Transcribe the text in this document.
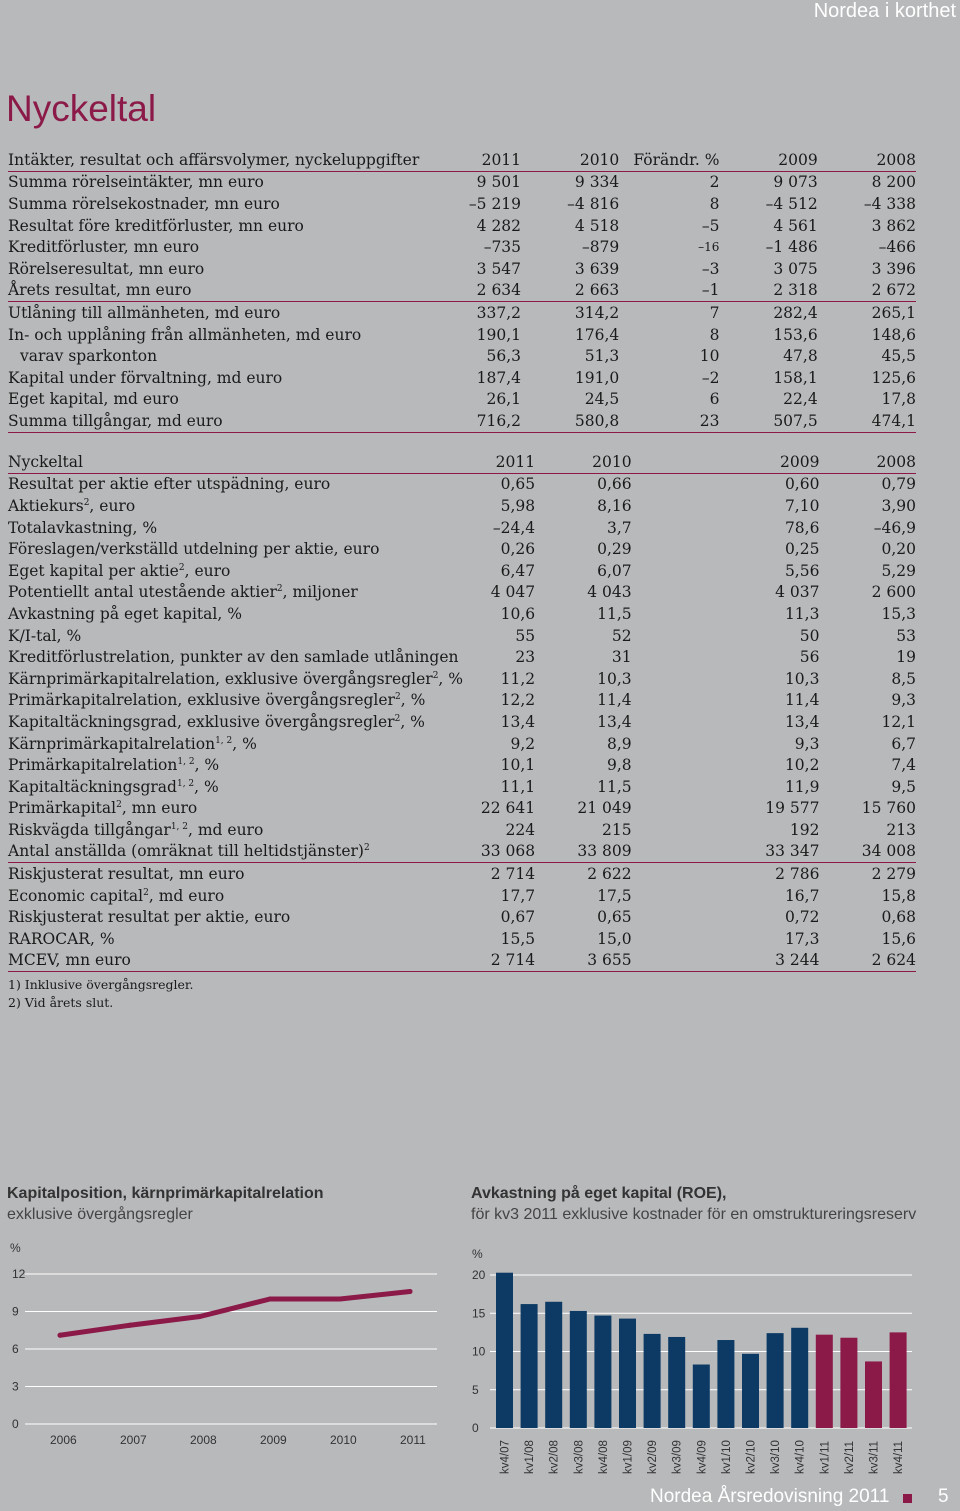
Nordea i korthet
Nyckeltal
Intäkter, resultat och affärsvolymer, nyckeluppgifter	2011	2010	Förändr. %	2009	2008
Summa rörelseintäkter, mn euro	9 501	9 334	2	9 073	8 200
Summa rörelsekostnader, mn euro	–5 219	–4 816	8	–4 512	–4 338
Resultat före kreditförluster, mn euro	4 282	4 518	–5	4 561	3 862
Kreditförluster, mn euro	–735	–879	–16	–1 486	–466
Rörelseresultat, mn euro	3 547	3 639	–3	3 075	3 396
Årets resultat, mn euro	2 634	2 663	–1	2 318	2 672
Utlåning till allmänheten, md euro	337,2	314,2	7	282,4	265,1
In- och upplåning från allmänheten, md euro	190,1	176,4	8	153,6	148,6
varav sparkonton	56,3	51,3	10	47,8	45,5
Kapital under förvaltning, md euro	187,4	191,0	–2	158,1	125,6
Eget kapital, md euro	26,1	24,5	6	22,4	17,8
Summa tillgångar, md euro	716,2	580,8	23	507,5	474,1
Nyckeltal	2011	2010		2009	2008
Resultat per aktie efter utspädning, euro	0,65	0,66		0,60	0,79
Aktiekurs$^2$, euro	5,98	8,16		7,10	3,90
Totalavkastning, %	–24,4	3,7		78,6	–46,9
Föreslagen/verkställd utdelning per aktie, euro	0,26	0,29		0,25	0,20
Eget kapital per aktie$^2$, euro	6,47	6,07		5,56	5,29
Potentiellt antal utestående aktier$^2$, miljoner	4 047	4 043		4 037	2 600
Avkastning på eget kapital, %	10,6	11,5		11,3	15,3
K/I-tal, %	55	52		50	53
Kreditförlustrelation, punkter av den samlade utlåningen	23	31		56	19
Kärnprimärkapitalrelation, exklusive övergångsregler$^2$, %	11,2	10,3		10,3	8,5
Primärkapitalrelation, exklusive övergångsregler$^2$, %	12,2	11,4		11,4	9,3
Kapitaltäckningsgrad, exklusive övergångsregler$^2$, %	13,4	13,4		13,4	12,1
Kärnprimärkapitalrelation$^{1, 2}$, %	9,2	8,9		9,3	6,7
Primärkapitalrelation$^{1, 2}$, %	10,1	9,8		10,2	7,4
Kapitaltäckningsgrad$^{1, 2}$, %	11,1	11,5		11,9	9,5
Primärkapital$^2$, mn euro	22 641	21 049		19 577	15 760
Riskvägda tillgångar$^{1, 2}$, md euro	224	215		192	213
Antal anställda (omräknat till heltidstjänster)$^2$	33 068	33 809		33 347	34 008
Riskjusterat resultat, mn euro	2 714	2 622		2 786	2 279
Economic capital$^2$, md euro	17,7	17,5		16,7	15,8
Riskjusterat resultat per aktie, euro	0,67	0,65		0,72	0,68
RAROCAR, %	15,5	15,0		17,3	15,6
MCEV, mn euro	2 714	3 655		3 244	2 624
1) Inklusive övergångsregler.
2) Vid årets slut.
Kapitalposition, kärnprimärkapitalrelation
exklusive övergångsregler
%
0
3
6
9
12
2006	2007	2008	2009	2010	2011
Avkastning på eget kapital (ROE),
för kv3 2011 exklusive kostnader för en omstruktureringsreserv
%
0
5
10
15
20
kv4/07 kv1/08 kv2/08 kv3/08 kv4/08 kv1/09 kv2/09 kv3/09 kv4/09 kv1/10 kv2/10 kv3/10 kv4/10 kv1/11 kv2/11 kv3/11 kv4/11
Nordea Årsredovisning 2011	5
